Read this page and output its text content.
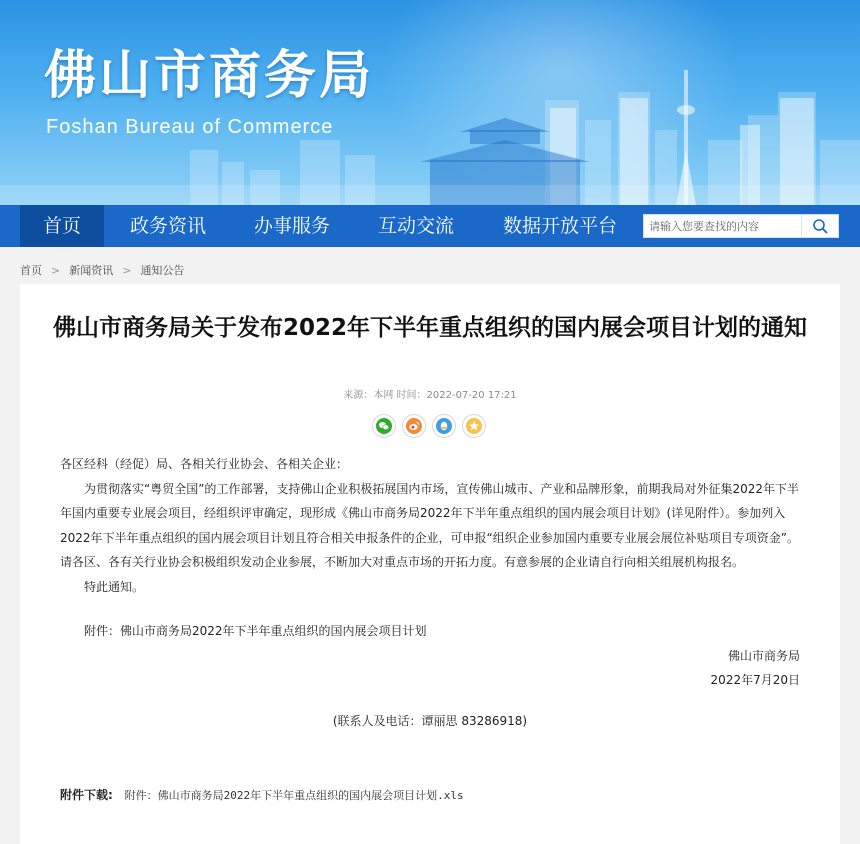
佛山市商务局

Foshan Bureau of Commerce

首页	政务资讯	办事服务	互动交流	数据开放平台
请输入您要查找的内容
首页 > 新闻资讯 > 通知公告
佛山市商务局关于发布2022年下半年重点组织的国内展会项目计划的通知
来源：本网 时间：2022-07-20 17:21

各区经科（经促）局、各相关行业协会、各相关企业：

为贯彻落实“粤贸全国”的工作部署，支持佛山企业积极拓展国内市场，宣传佛山城市、产业和品牌形象，前期我局对外征集2022年下半年国内重要专业展会项目，经组织评审确定，现形成《佛山市商务局2022年下半年重点组织的国内展会项目计划》(详见附件）。参加列入2022年下半年重点组织的国内展会项目计划且符合相关申报条件的企业，可申报“组织企业参加国内重要专业展会展位补贴项目专项资金”。请各区、各有关行业协会积极组织发动企业参展，不断加大对重点市场的开拓力度。有意参展的企业请自行向相关组展机构报名。

特此通知。

附件：佛山市商务局2022年下半年重点组织的国内展会项目计划

佛山市商务局

2022年7月20日

(联系人及电话：谭丽思 83286918)

附件下载: 附件：佛山市商务局2022年下半年重点组织的国内展会项目计划.xls
